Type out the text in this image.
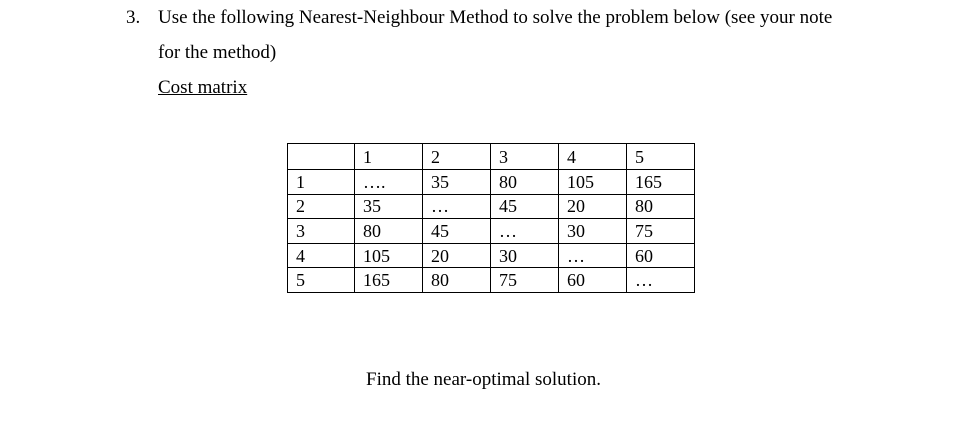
3. Use the following Nearest-Neighbour Method to solve the problem below (see your note
for the method)
Cost matrix
	1	2	3	4	5
1	….	35	80	105	165
2	35	…	45	20	80
3	80	45	…	30	75
4	105	20	30	…	60
5	165	80	75	60	…
Find the near-optimal solution.
